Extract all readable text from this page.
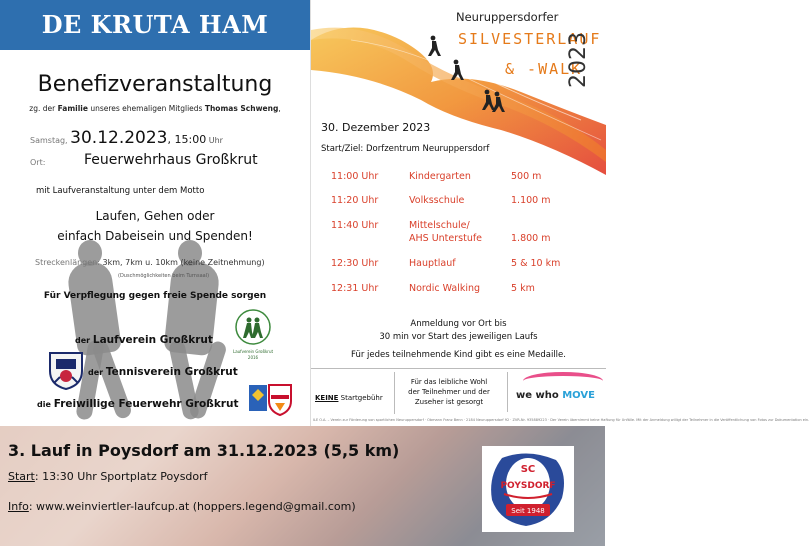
DE KRUTA HAM
Benefizveranstaltung
zg. der Familie unseres ehemaligen Mitglieds Thomas Schweng,
Samstag, 30.12.2023, 15:00 Uhr
Ort:	Feuerwehrhaus Großkrut
mit Laufveranstaltung unter dem Motto
Laufen, Gehen oder
einfach Dabeisein und Spenden!
Streckenlängen: 3km, 7km u. 10km (keine Zeitnehmung)
(Duschmöglichkeiten beim Turnsaal)
Für Verpflegung gegen freie Spende sorgen
der Laufverein Großkrut
der Tennisverein Großkrut
die Freiwillige Feuerwehr Großkrut
Laufverein Großkrut
2016
Neuruppersdorfer
SILVESTERLAUF
& -WALK
2023
30. Dezember 2023
Start/Ziel: Dorfzentrum Neuruppersdorf
11:00 Uhr	Kindergarten	500 m
11:20 Uhr	Volksschule	1.100 m
11:40 Uhr	Mittelschule/
AHS Unterstufe	1.800 m
12:30 Uhr	Hauptlauf	5 & 10 km
12:31 Uhr	Nordic Walking	5 km
Anmeldung vor Ort bis
30 min vor Start des jeweiligen Laufs
Für jedes teilnehmende Kind gibt es eine Medaille.
KEINE Startgebühr
Für das leibliche Wohl
der Teilnehmer und der
Zuseher ist gesorgt
we who MOVE
ILE O.A. – Verein zur Förderung von sportlichen Neuruppersdorf · Obmann Franz Benn · 2184 Neuruppersdorf 92 · ZVR-Nr. 935889223 · Der Verein übernimmt keine Haftung für Unfälle. Mit der Anmeldung willigt der Teilnehmer in die Veröffentlichung von Fotos zur Dokumentation ein.
3. Lauf in Poysdorf am 31.12.2023 (5,5 km)
Start: 13:30 Uhr Sportplatz Poysdorf
Info: www.weinviertler-laufcup.at (hoppers.legend@gmail.com)
SC
POYSDORF
Seit 1948
